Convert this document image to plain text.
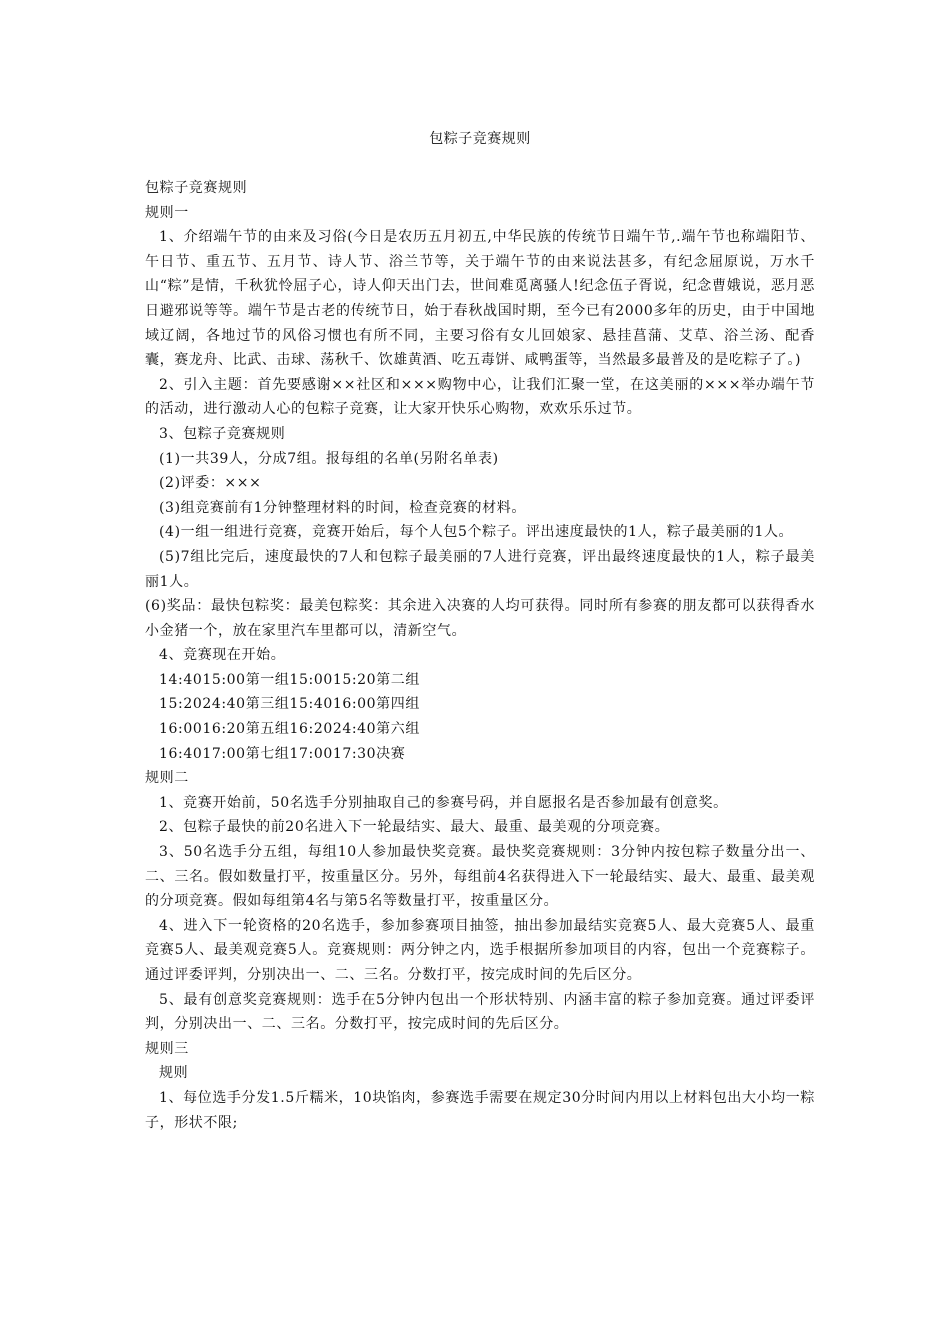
包粽子竞赛规则

包粽子竞赛规则

规则一

1、介绍端午节的由来及习俗(今日是农历五月初五,中华民族的传统节日端午节,.端午节也称端阳节、午日节、重五节、五月节、诗人节、浴兰节等，关于端午节的由来说法甚多，有纪念屈原说，万水千山“粽”是情，千秋犹怜屈子心，诗人仰天出门去，世间难觅离骚人!纪念伍子胥说，纪念曹娥说，恶月恶日避邪说等等。端午节是古老的传统节日，始于春秋战国时期，至今已有2000多年的历史，由于中国地域辽阔，各地过节的风俗习惯也有所不同，主要习俗有女儿回娘家、悬挂菖蒲、艾草、浴兰汤、配香囊，赛龙舟、比武、击球、荡秋千、饮雄黄酒、吃五毒饼、咸鸭蛋等，当然最多最普及的是吃粽子了。)

2、引入主题：首先要感谢××社区和×××购物中心，让我们汇聚一堂，在这美丽的×××举办端午节的活动，进行激动人心的包粽子竞赛，让大家开快乐心购物，欢欢乐乐过节。

3、包粽子竞赛规则

(1)一共39人，分成7组。报每组的名单(另附名单表)

(2)评委：×××

(3)组竞赛前有1分钟整理材料的时间，检查竞赛的材料。

(4)一组一组进行竞赛，竞赛开始后，每个人包5个粽子。评出速度最快的1人，粽子最美丽的1人。

(5)7组比完后，速度最快的7人和包粽子最美丽的7人进行竞赛，评出最终速度最快的1人，粽子最美丽1人。

(6)奖品：最快包粽奖：最美包粽奖：其余进入决赛的人均可获得。同时所有参赛的朋友都可以获得香水小金猪一个，放在家里汽车里都可以，清新空气。

4、竞赛现在开始。

14:4015:00第一组15:0015:20第二组

15:2024:40第三组15:4016:00第四组

16:0016:20第五组16:2024:40第六组

16:4017:00第七组17:0017:30决赛

规则二

1、竞赛开始前，50名选手分别抽取自己的参赛号码，并自愿报名是否参加最有创意奖。

2、包粽子最快的前20名进入下一轮最结实、最大、最重、最美观的分项竞赛。

3、50名选手分五组，每组10人参加最快奖竞赛。最快奖竞赛规则：3分钟内按包粽子数量分出一、二、三名。假如数量打平，按重量区分。另外，每组前4名获得进入下一轮最结实、最大、最重、最美观的分项竞赛。假如每组第4名与第5名等数量打平，按重量区分。

4、进入下一轮资格的20名选手，参加参赛项目抽签，抽出参加最结实竞赛5人、最大竞赛5人、最重竞赛5人、最美观竞赛5人。竞赛规则：两分钟之内，选手根据所参加项目的内容，包出一个竞赛粽子。通过评委评判，分别决出一、二、三名。分数打平，按完成时间的先后区分。

5、最有创意奖竞赛规则：选手在5分钟内包出一个形状特别、内涵丰富的粽子参加竞赛。通过评委评判，分别决出一、二、三名。分数打平，按完成时间的先后区分。

规则三

规则

1、每位选手分发1.5斤糯米，10块馅肉，参赛选手需要在规定30分时间内用以上材料包出大小均一粽子，形状不限;
